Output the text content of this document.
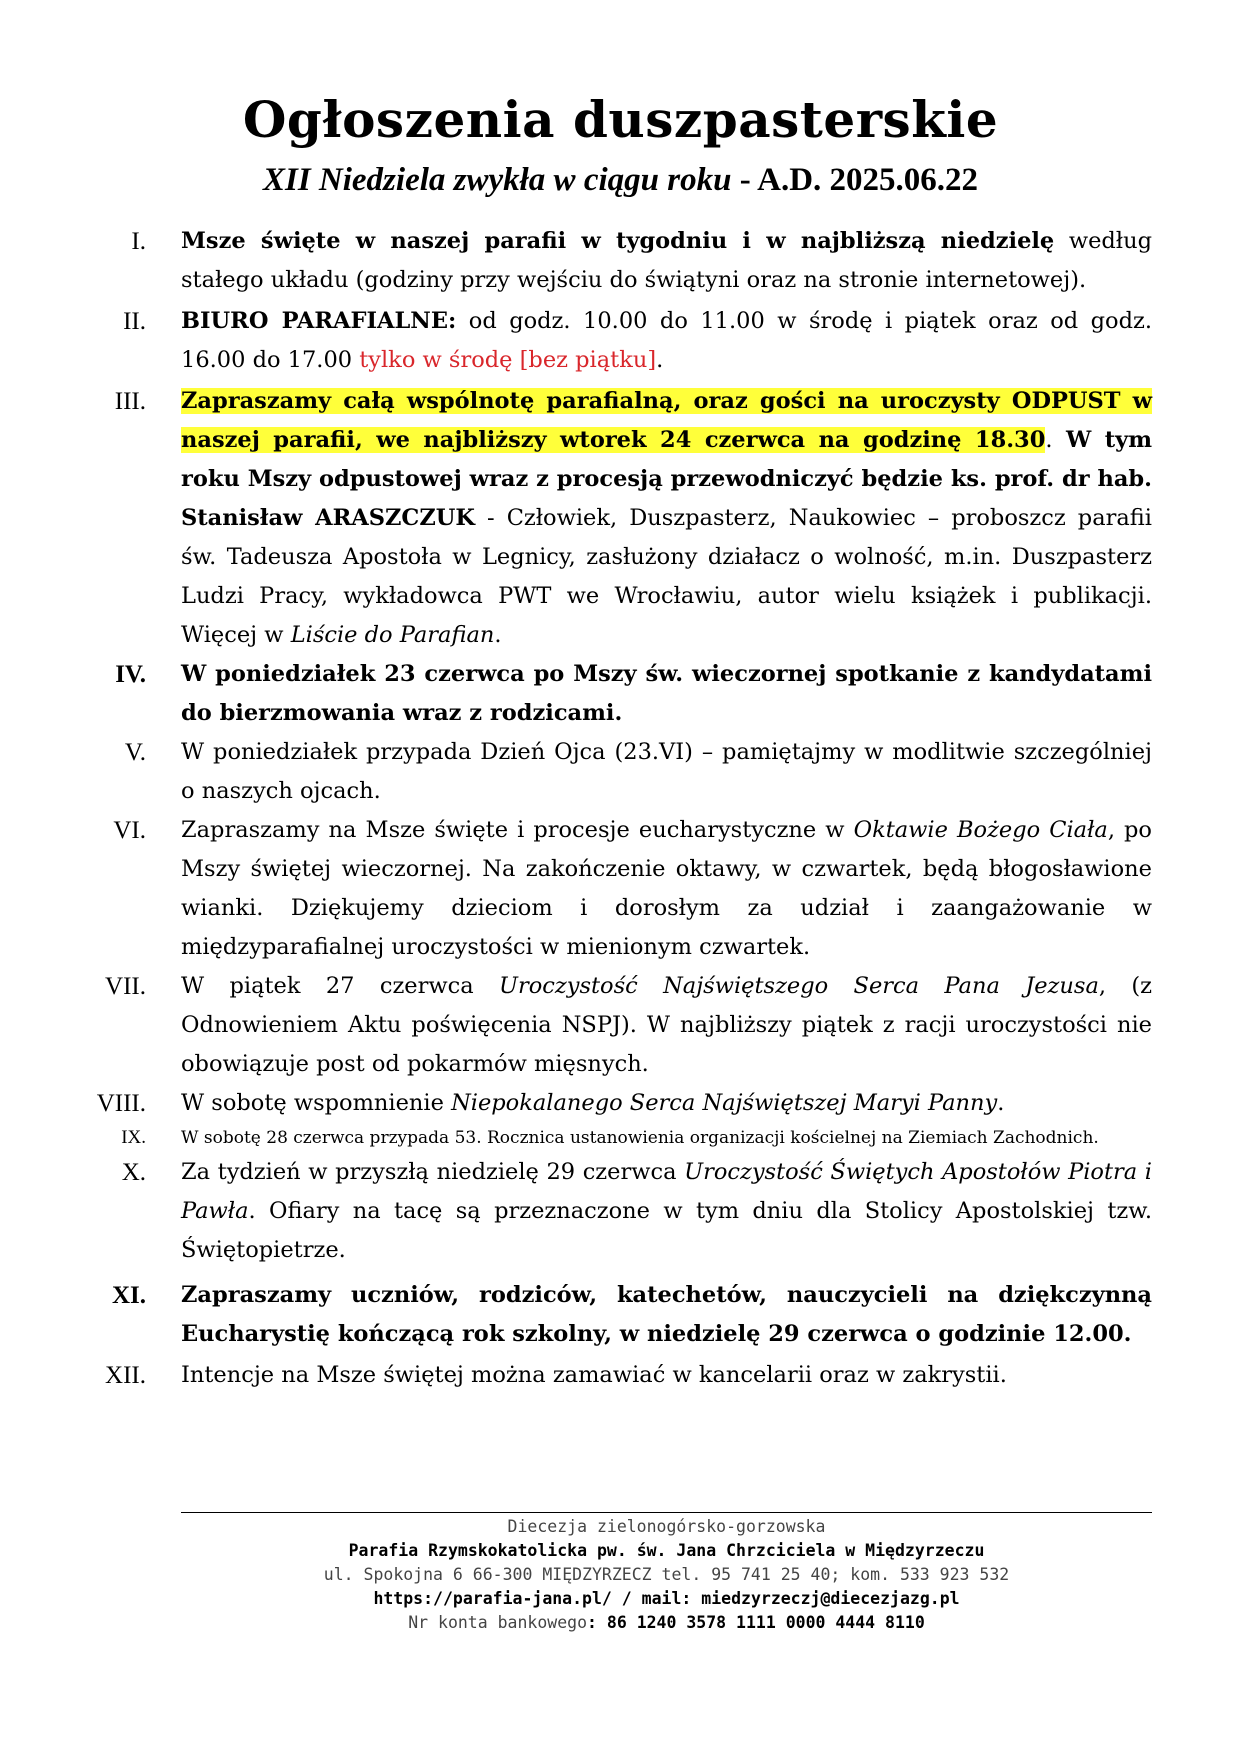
Ogłoszenia duszpasterskie
XII Niedziela zwykła w ciągu roku - A.D. 2025.06.22
I. Msze święte w naszej parafii w tygodniu i w najbliższą niedzielę według stałego układu (godziny przy wejściu do świątyni oraz na stronie internetowej).
II. BIURO PARAFIALNE: od godz. 10.00 do 11.00 w środę i piątek oraz od godz. 16.00 do 17.00 tylko w środę [bez piątku].
III. Zapraszamy całą wspólnotę parafialną, oraz gości na uroczysty ODPUST w naszej parafii, we najbliższy wtorek 24 czerwca na godzinę 18.30. W tym roku Mszy odpustowej wraz z procesją przewodniczyć będzie ks. prof. dr hab. Stanisław ARASZCZUK - Człowiek, Duszpasterz, Naukowiec – proboszcz parafii św. Tadeusza Apostoła w Legnicy, zasłużony działacz o wolność, m.in. Duszpasterz Ludzi Pracy, wykładowca PWT we Wrocławiu, autor wielu książek i publikacji. Więcej w Liście do Parafian.
IV. W poniedziałek 23 czerwca po Mszy św. wieczornej spotkanie z kandydatami do bierzmowania wraz z rodzicami.
V. W poniedziałek przypada Dzień Ojca (23.VI) – pamiętajmy w modlitwie szczególniej o naszych ojcach.
VI. Zapraszamy na Msze święte i procesje eucharystyczne w Oktawie Bożego Ciała, po Mszy świętej wieczornej. Na zakończenie oktawy, w czwartek, będą błogosławione wianki. Dziękujemy dzieciom i dorosłym za udział i zaangażowanie w międzyparafialnej uroczystości w mienionym czwartek.
VII. W piątek 27 czerwca Uroczystość Najświętszego Serca Pana Jezusa, (z Odnowieniem Aktu poświęcenia NSPJ). W najbliższy piątek z racji uroczystości nie obowiązuje post od pokarmów mięsnych.
VIII. W sobotę wspomnienie Niepokalanego Serca Najświętszej Maryi Panny.
IX. W sobotę 28 czerwca przypada 53. Rocznica ustanowienia organizacji kościelnej na Ziemiach Zachodnich.
X. Za tydzień w przyszłą niedzielę 29 czerwca Uroczystość Świętych Apostołów Piotra i Pawła. Ofiary na tacę są przeznaczone w tym dniu dla Stolicy Apostolskiej tzw. Świętopietrze.
XI. Zapraszamy uczniów, rodziców, katechetów, nauczycieli na dziękczynną Eucharystię kończącą rok szkolny, w niedzielę 29 czerwca o godzinie 12.00.
XII. Intencje na Msze świętej można zamawiać w kancelarii oraz w zakrystii.
Diecezja zielonogórsko-gorzowska
Parafia Rzymskokatolicka pw. św. Jana Chrzciciela w Międzyrzeczu
ul. Spokojna 6 66-300 MIĘDZYRZECZ tel. 95 741 25 40; kom. 533 923 532
https://parafia-jana.pl/ / mail: miedzyrzeczj@diecezjazg.pl
Nr konta bankowego: 86 1240 3578 1111 0000 4444 8110
